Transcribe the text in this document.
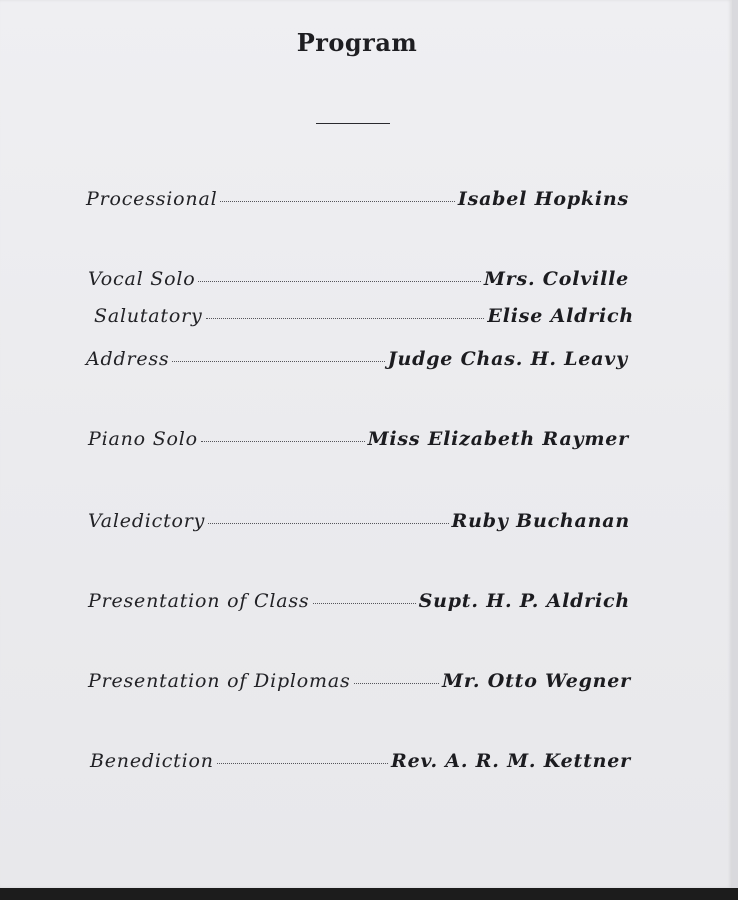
Program
Processional	Isabel Hopkins
Vocal Solo	Mrs. Colville
Salutatory	Elise Aldrich
Address	Judge Chas. H. Leavy
Piano Solo	Miss Elizabeth Raymer
Valedictory	Ruby Buchanan
Presentation of Class	Supt. H. P. Aldrich
Presentation of Diplomas	Mr. Otto Wegner
Benediction	Rev. A. R. M. Kettner
